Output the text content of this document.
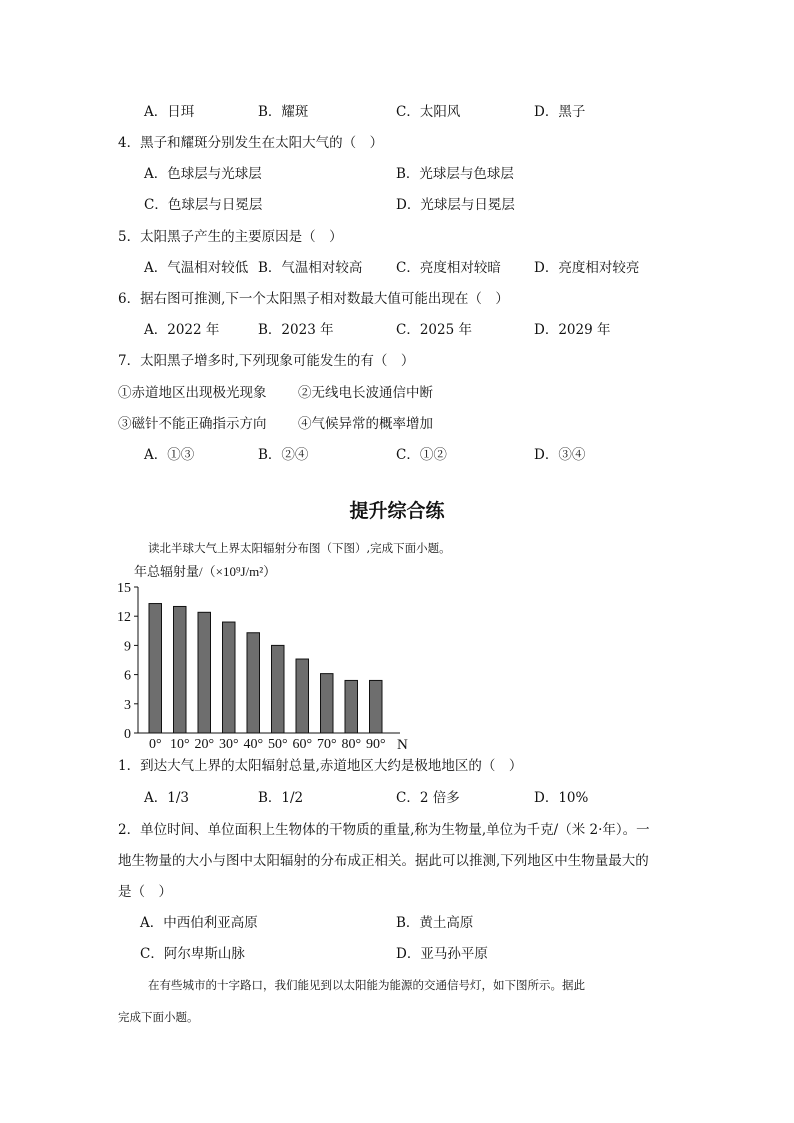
A．日珥	B．耀斑	C．太阳风	D．黑子
4．黑子和耀斑分别发生在太阳大气的（　）
A．色球层与光球层	B．光球层与色球层
C．色球层与日冕层	D．光球层与日冕层
5．太阳黑子产生的主要原因是（　）
A．气温相对较低 B．气温相对较高 C．亮度相对较暗 D．亮度相对较亮
6．据右图可推测,下一个太阳黑子相对数最大值可能出现在（　）
A．2022 年	B．2023 年	C．2025 年	D．2029 年
7．太阳黑子增多时,下列现象可能发生的有（　）
①赤道地区出现极光现象 ②无线电长波通信中断
③磁针不能正确指示方向 ④气候异常的概率增加
A．①③	B．②④	C．①②	D．③④
提升综合练
读北半球大气上界太阳辐射分布图（下图）,完成下面小题。
年总辐射量/（×10⁹J/m²）
0
3
6
9
12
15
0° 10° 20° 30° 40° 50° 60° 70° 80° 90° N
1．到达大气上界的太阳辐射总量,赤道地区大约是极地地区的（　）
A．1/3	B．1/2	C．2 倍多	D．10%
2．单位时间、单位面积上生物体的干物质的重量,称为生物量,单位为千克/（米 2·年）。一
地生物量的大小与图中太阳辐射的分布成正相关。据此可以推测,下列地区中生物量最大的
是（　）
A．中西伯利亚高原	B．黄土高原
C．阿尔卑斯山脉	D．亚马孙平原
在有些城市的十字路口，我们能见到以太阳能为能源的交通信号灯，如下图所示。据此
完成下面小题。
